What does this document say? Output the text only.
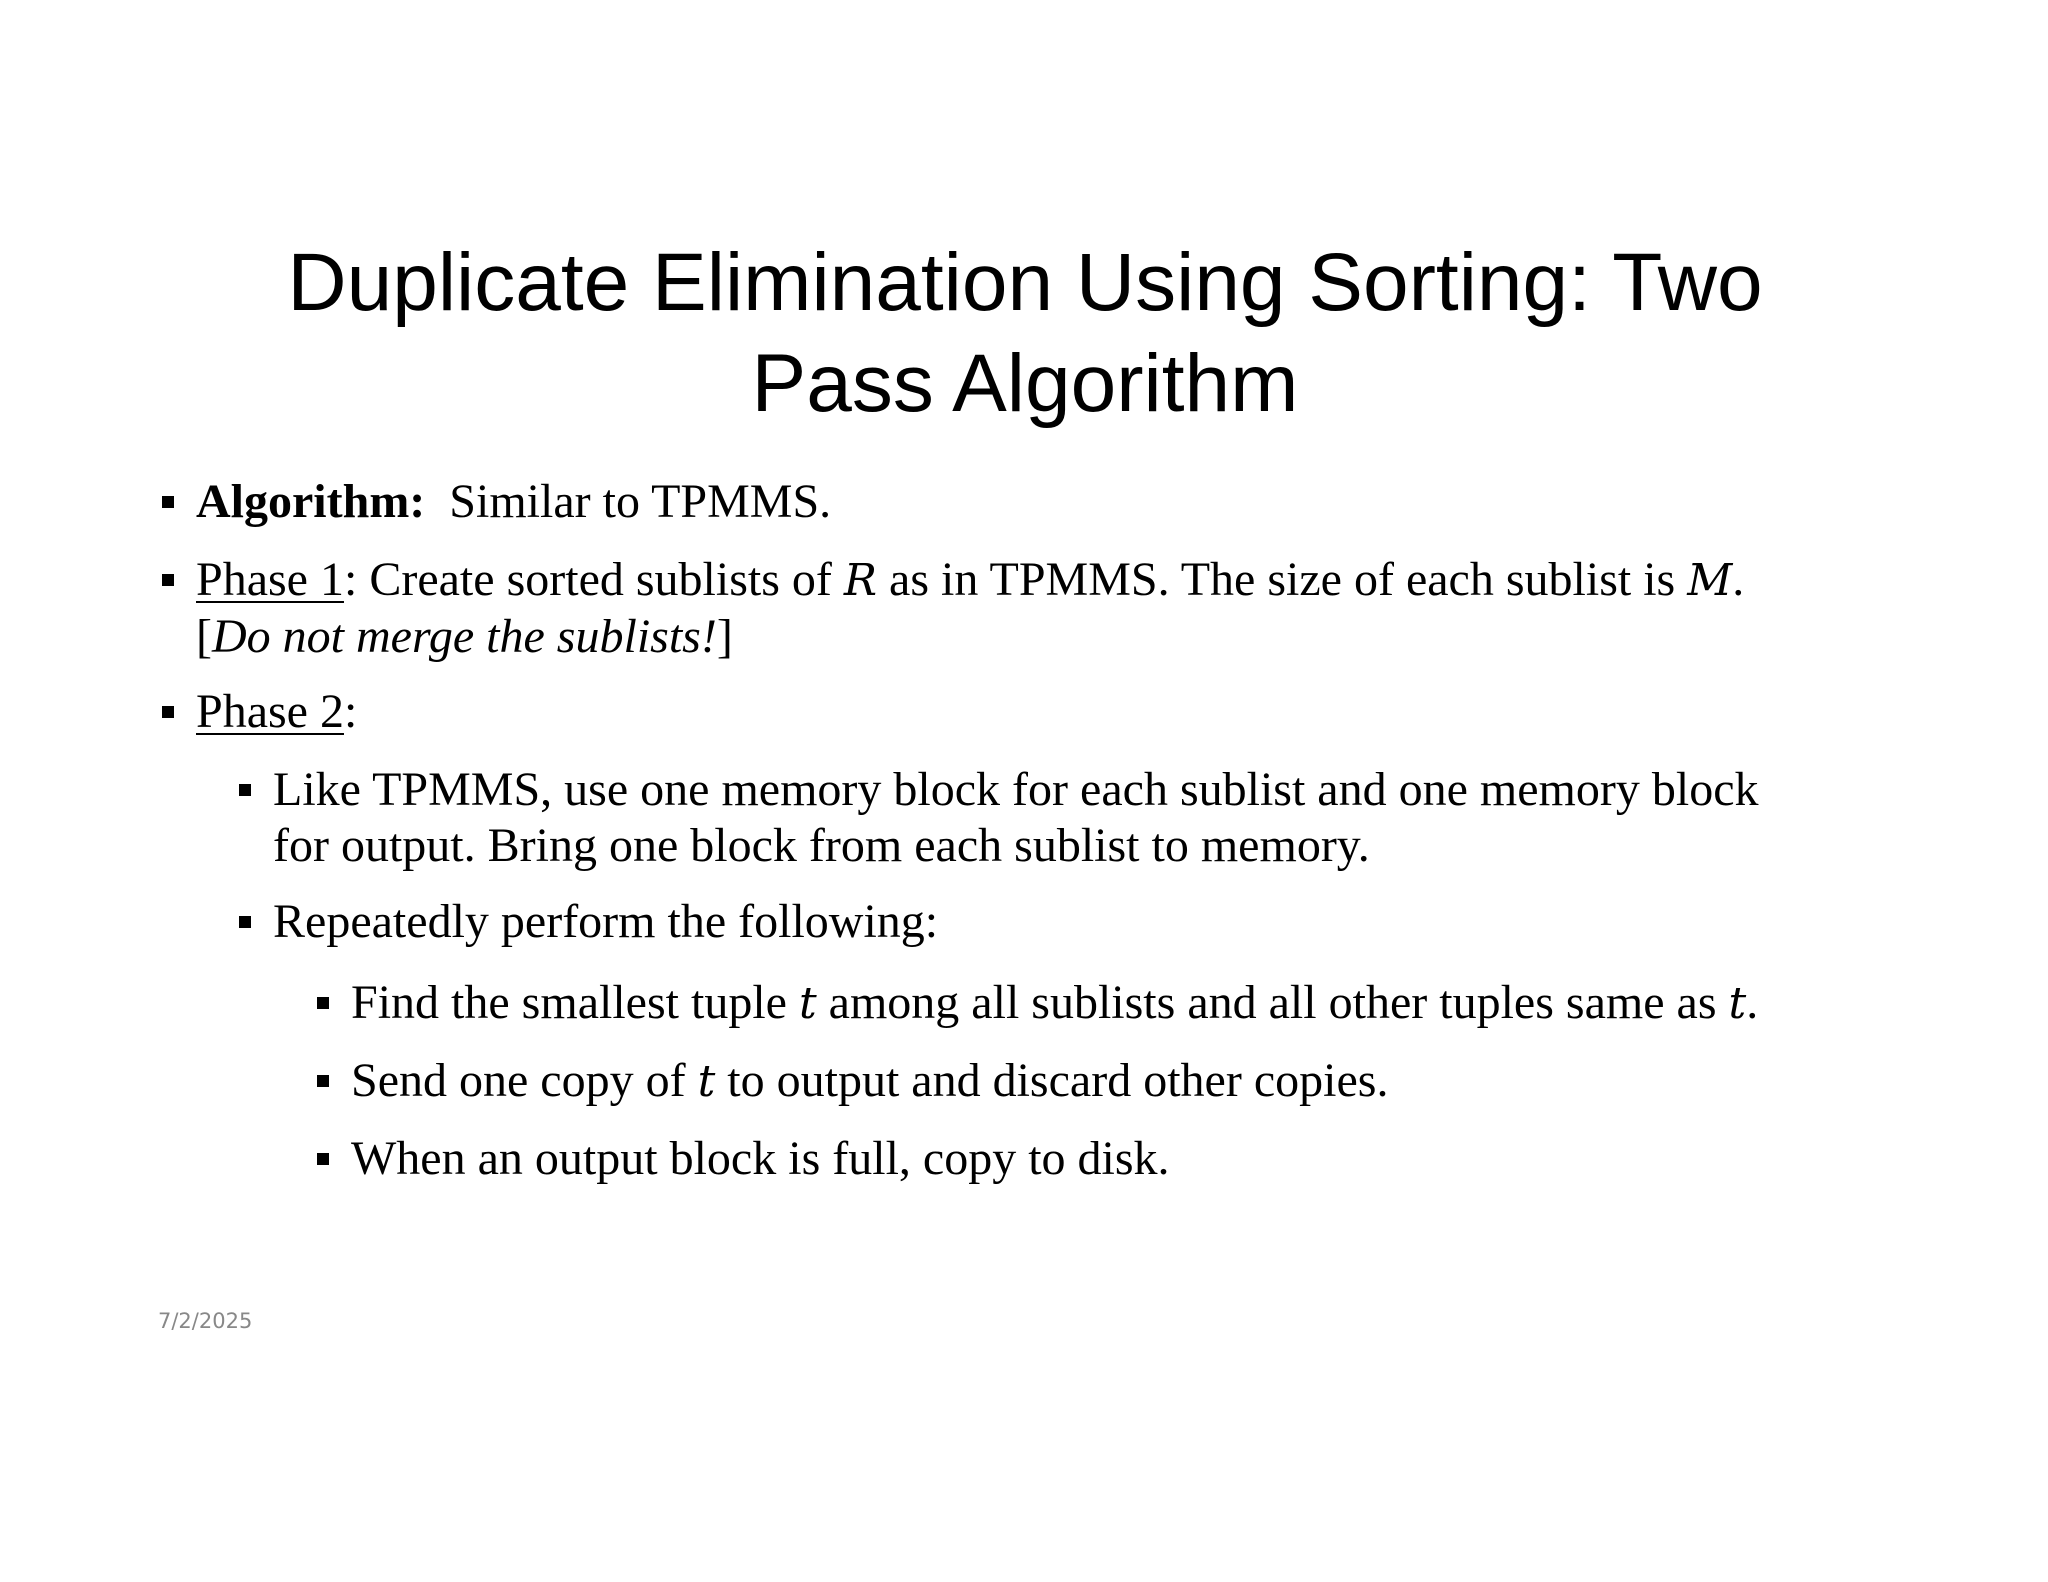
Duplicate Elimination Using Sorting: Two
Pass Algorithm

Algorithm: Similar to TPMMS.

Phase 1: Create sorted sublists of R as in TPMMS. The size of each sublist is M.
[Do not merge the sublists!]

Phase 2:

Like TPMMS, use one memory block for each sublist and one memory block
for output. Bring one block from each sublist to memory.

Repeatedly perform the following:

Find the smallest tuple t among all sublists and all other tuples same as t.

Send one copy of t to output and discard other copies.

When an output block is full, copy to disk.

7/2/2025
